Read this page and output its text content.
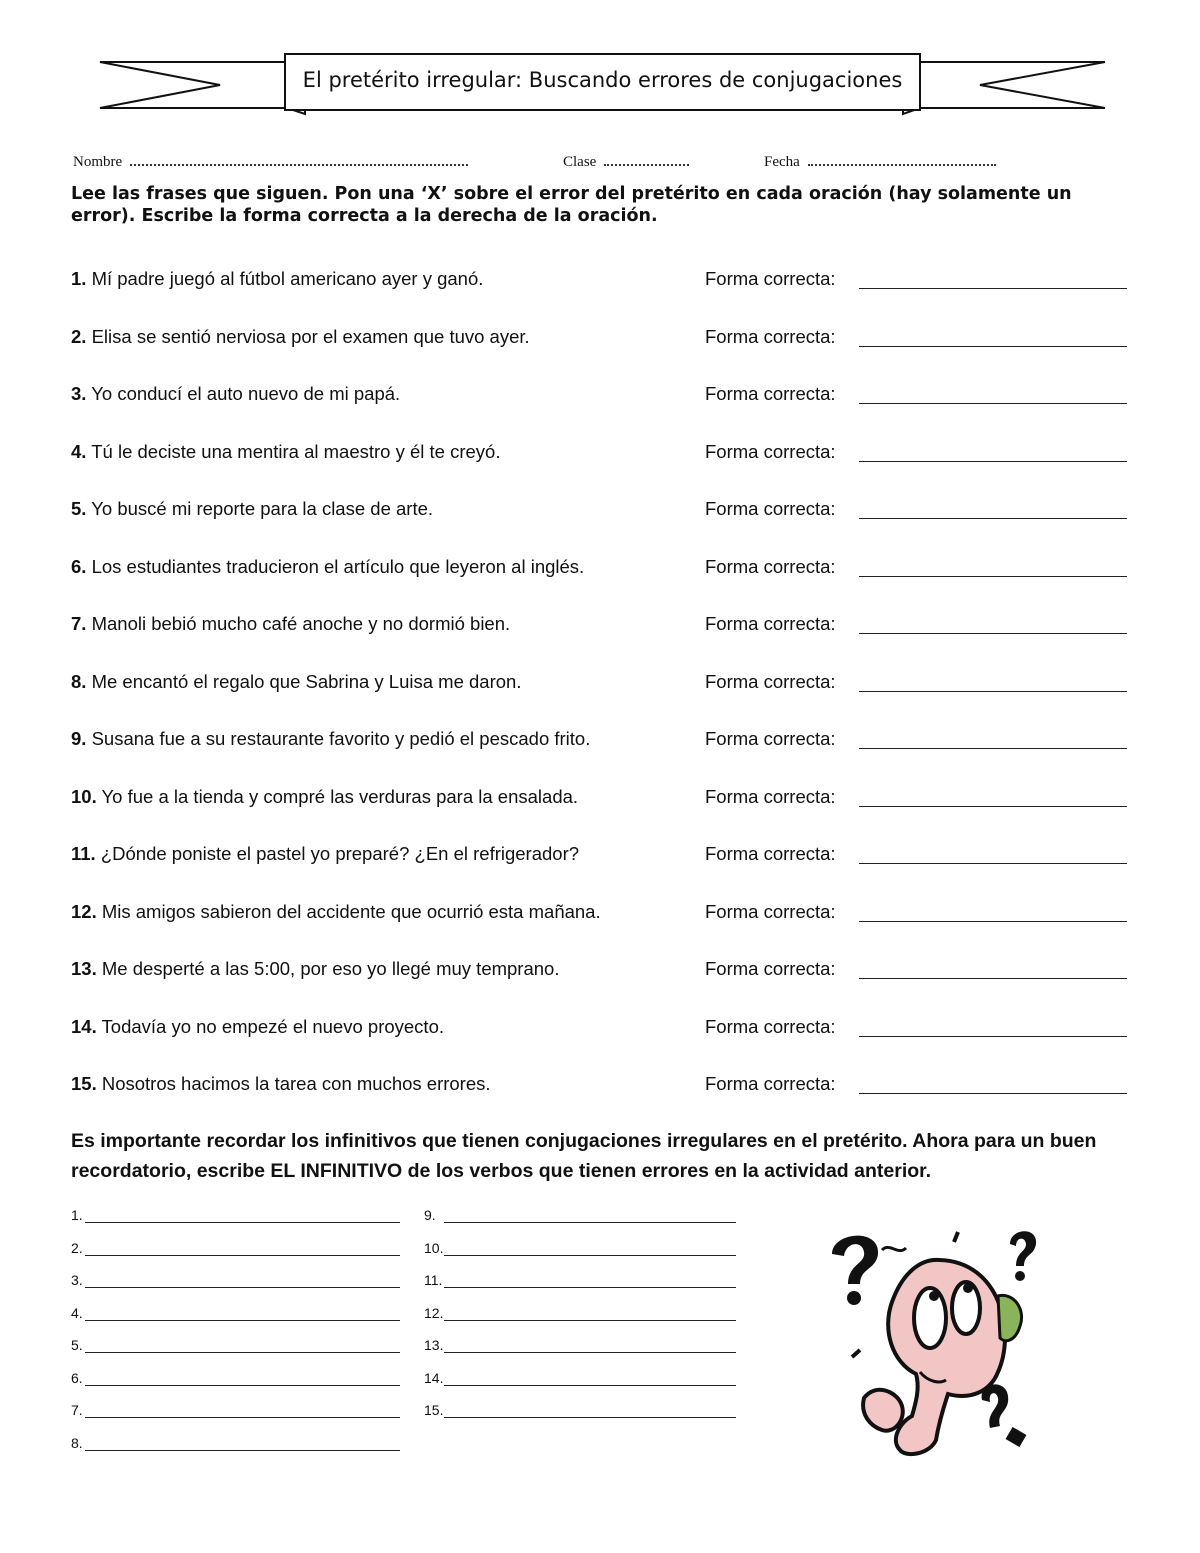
El pretérito irregular: Buscando errores de conjugaciones
Nombre	Clase	Fecha
Lee las frases que siguen. Pon una ‘X’ sobre el error del pretérito en cada oración (hay solamente un error). Escribe la forma correcta a la derecha de la oración.
1. Mí padre juegó al fútbol americano ayer y ganó.	Forma correcta:
2. Elisa se sentió nerviosa por el examen que tuvo ayer.	Forma correcta:
3. Yo conducí el auto nuevo de mi papá.	Forma correcta:
4. Tú le deciste una mentira al maestro y él te creyó.	Forma correcta:
5. Yo buscé mi reporte para la clase de arte.	Forma correcta:
6. Los estudiantes traducieron el artículo que leyeron al inglés.	Forma correcta:
7. Manoli bebió mucho café anoche y no dormió bien.	Forma correcta:
8. Me encantó el regalo que Sabrina y Luisa me daron.	Forma correcta:
9. Susana fue a su restaurante favorito y pedió el pescado frito.	Forma correcta:
10. Yo fue a la tienda y compré las verduras para la ensalada.	Forma correcta:
11. ¿Dónde poniste el pastel yo preparé? ¿En el refrigerador?	Forma correcta:
12. Mis amigos sabieron del accidente que ocurrió esta mañana.	Forma correcta:
13. Me desperté a las 5:00, por eso yo llegé muy temprano.	Forma correcta:
14. Todavía yo no empezé el nuevo proyecto.	Forma correcta:
15. Nosotros hacimos la tarea con muchos errores.	Forma correcta:
Es importante recordar los infinitivos que tienen conjugaciones irregulares en el pretérito. Ahora para un buen recordatorio, escribe EL INFINITIVO de los verbos que tienen errores en la actividad anterior.
1.
2.
3.
4.
5.
6.
7.
8.
9.
10.
11.
12.
13.
14.
15.
